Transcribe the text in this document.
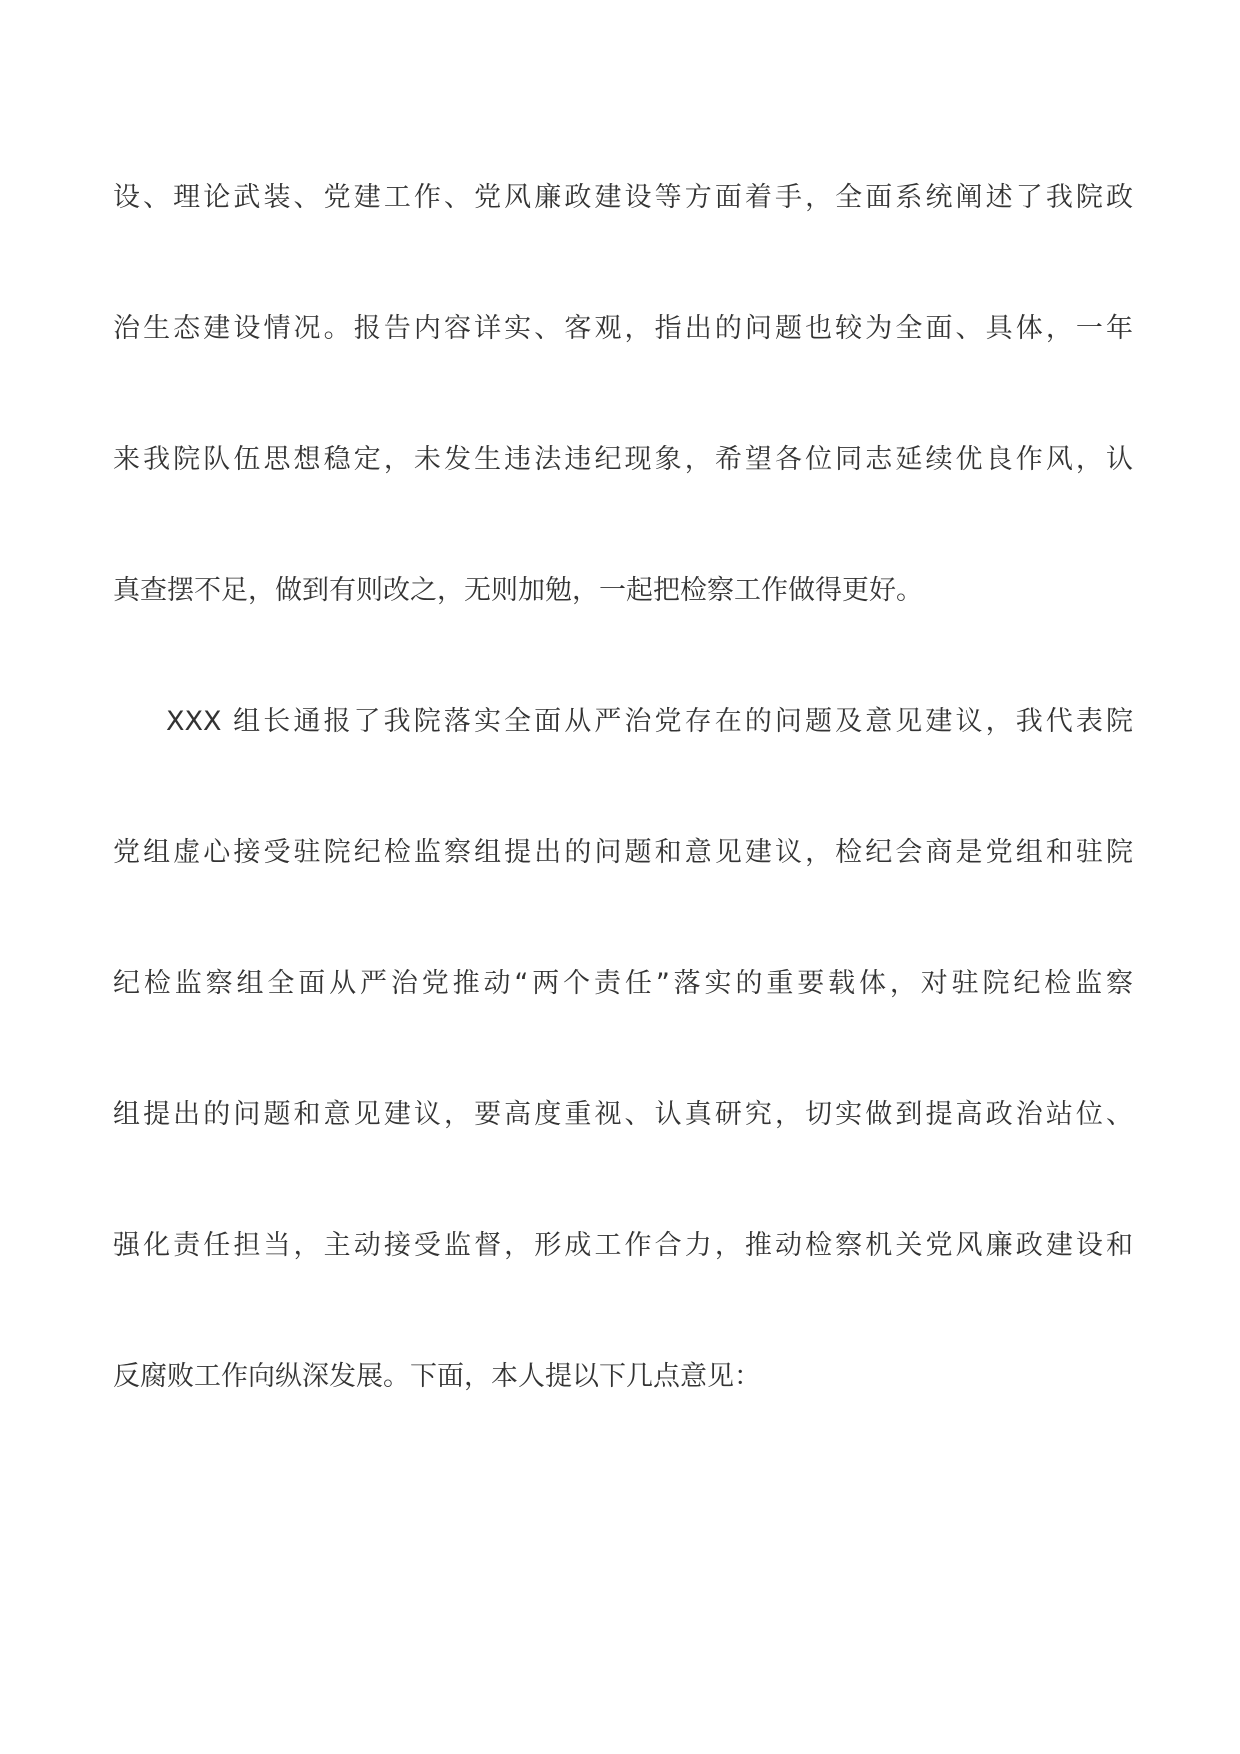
设、理论武装、党建工作、党风廉政建设等方面着手，全面系统阐述了我院政
治生态建设情况。报告内容详实、客观，指出的问题也较为全面、具体，一年
来我院队伍思想稳定，未发生违法违纪现象，希望各位同志延续优良作风，认
真查摆不足，做到有则改之，无则加勉，一起把检察工作做得更好。
XXX 组长通报了我院落实全面从严治党存在的问题及意见建议，我代表院
党组虚心接受驻院纪检监察组提出的问题和意见建议，检纪会商是党组和驻院
纪检监察组全面从严治党推动“两个责任”落实的重要载体，对驻院纪检监察
组提出的问题和意见建议，要高度重视、认真研究，切实做到提高政治站位、
强化责任担当，主动接受监督，形成工作合力，推动检察机关党风廉政建设和
反腐败工作向纵深发展。下面，本人提以下几点意见：
